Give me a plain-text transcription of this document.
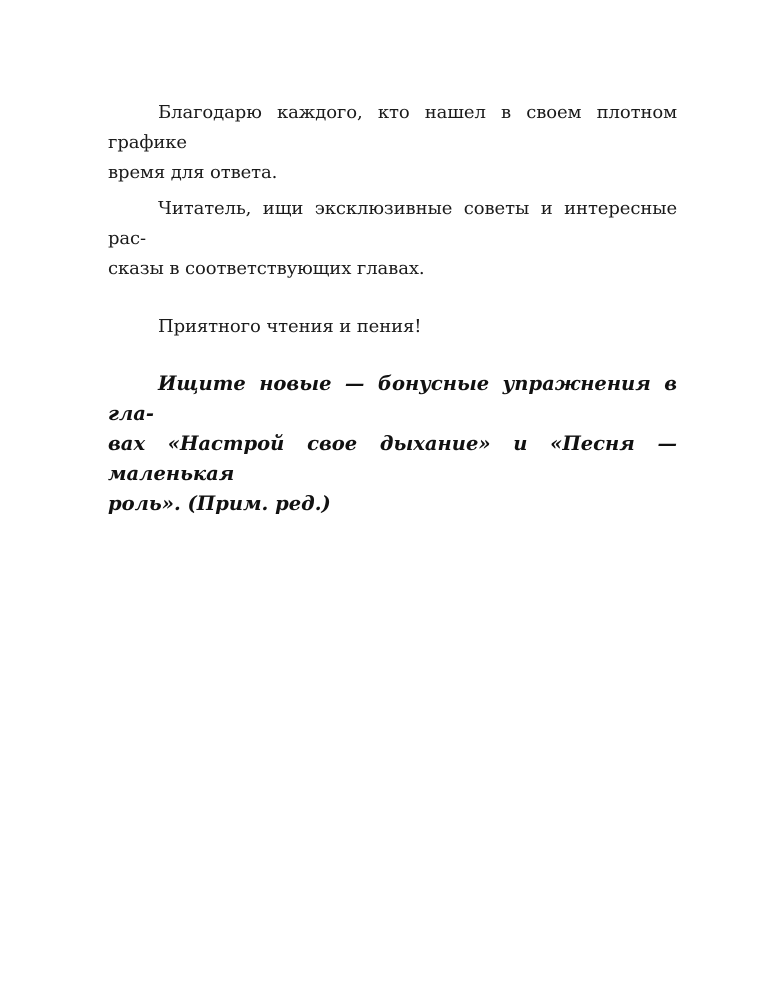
Благодарю каждого, кто нашел в своем плотном графике
время для ответа.

Читатель, ищи эксклюзивные советы и интересные рас-
сказы в соответствующих главах.

Приятного чтения и пения!

Ищите новые — бонусные упражнения в гла-
вах «Настрой свое дыхание» и «Песня — маленькая
роль». (Прим. ред.)
